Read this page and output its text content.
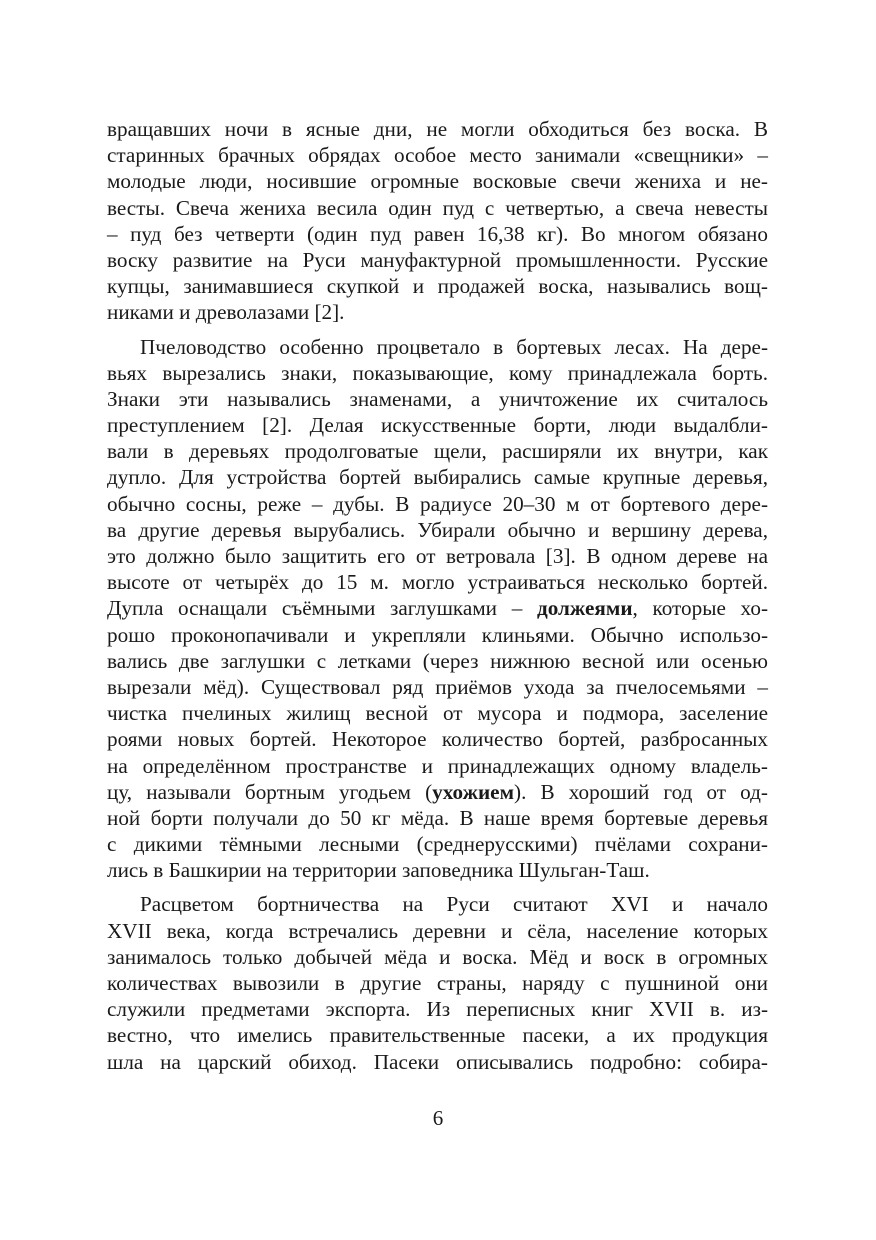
вращавших ночи в ясные дни, не могли обходиться без воска. В
старинных брачных обрядах особое место занимали «свещники» –
молодые люди, носившие огромные восковые свечи жениха и не-
весты. Свеча жениха весила один пуд с четвертью, а свеча невесты
– пуд без четверти (один пуд равен 16,38 кг). Во многом обязано
воску развитие на Руси мануфактурной промышленности. Русские
купцы, занимавшиеся скупкой и продажей воска, назывались вощ-
никами и древолазами [2].
Пчеловодство особенно процветало в бортевых лесах. На дере-
вьях вырезались знаки, показывающие, кому принадлежала борть.
Знаки эти назывались знаменами, а уничтожение их считалось
преступлением [2]. Делая искусственные борти, люди выдалбли-
вали в деревьях продолговатые щели, расширяли их внутри, как
дупло. Для устройства бортей выбирались самые крупные деревья,
обычно сосны, реже – дубы. В радиусе 20–30 м от бортевого дере-
ва другие деревья вырубались. Убирали обычно и вершину дерева,
это должно было защитить его от ветровала [3]. В одном дереве на
высоте от четырёх до 15 м. могло устраиваться несколько бортей.
Дупла оснащали съёмными заглушками – должеями, которые хо-
рошо проконопачивали и укрепляли клиньями. Обычно использо-
вались две заглушки с летками (через нижнюю весной или осенью
вырезали мёд). Существовал ряд приёмов ухода за пчелосемьями –
чистка пчелиных жилищ весной от мусора и подмора, заселение
роями новых бортей. Некоторое количество бортей, разбросанных
на определённом пространстве и принадлежащих одному владель-
цу, называли бортным угодьем (ухожием). В хороший год от од-
ной борти получали до 50 кг мёда. В наше время бортевые деревья
с дикими тёмными лесными (среднерусскими) пчёлами сохрани-
лись в Башкирии на территории заповедника Шульган-Таш.
Расцветом бортничества на Руси считают XVI и начало
XVII века, когда встречались деревни и сёла, население которых
занималось только добычей мёда и воска. Мёд и воск в огромных
количествах вывозили в другие страны, наряду с пушниной они
служили предметами экспорта. Из переписных книг XVII в. из-
вестно, что имелись правительственные пасеки, а их продукция
шла на царский обиход. Пасеки описывались подробно: собира-
6
